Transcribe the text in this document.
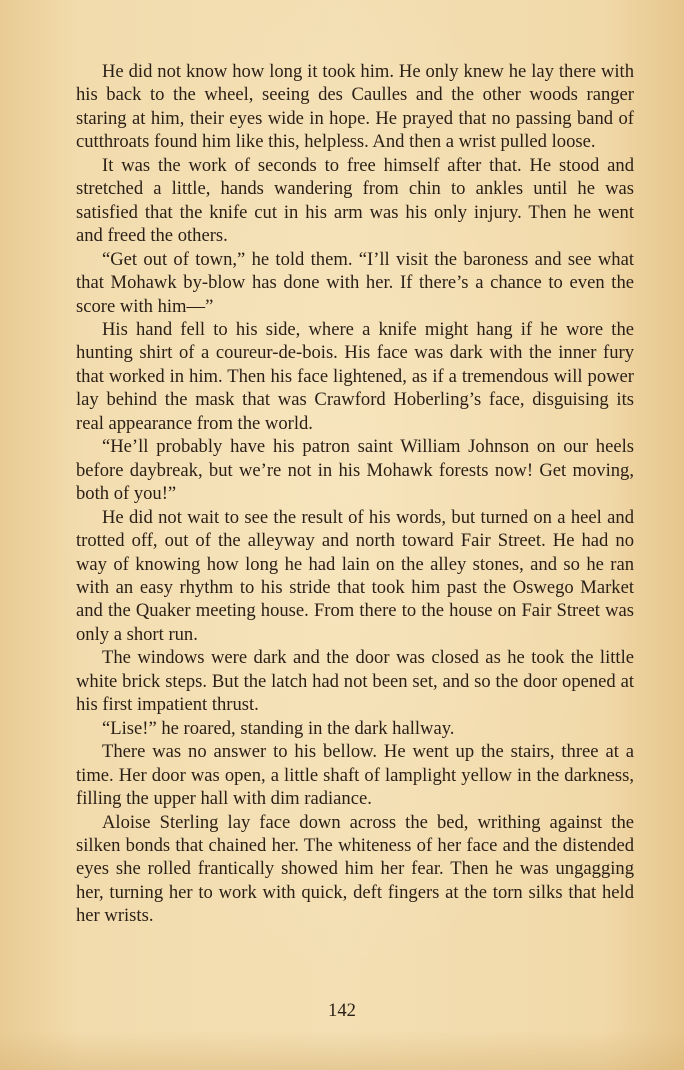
He did not know how long it took him. He only knew he lay there with his back to the wheel, seeing des Caulles and the other woods ranger staring at him, their eyes wide in hope. He prayed that no passing band of cutthroats found him like this, helpless. And then a wrist pulled loose.

It was the work of seconds to free himself after that. He stood and stretched a little, hands wandering from chin to ankles until he was satisfied that the knife cut in his arm was his only injury. Then he went and freed the others.

“Get out of town,” he told them. “I’ll visit the baroness and see what that Mohawk by-blow has done with her. If there’s a chance to even the score with him—”

His hand fell to his side, where a knife might hang if he wore the hunting shirt of a coureur-de-bois. His face was dark with the inner fury that worked in him. Then his face lightened, as if a tremendous will power lay behind the mask that was Crawford Hoberling’s face, disguising its real appearance from the world.

“He’ll probably have his patron saint William Johnson on our heels before daybreak, but we’re not in his Mohawk forests now! Get moving, both of you!”

He did not wait to see the result of his words, but turned on a heel and trotted off, out of the alleyway and north toward Fair Street. He had no way of knowing how long he had lain on the alley stones, and so he ran with an easy rhythm to his stride that took him past the Oswego Market and the Quaker meeting house. From there to the house on Fair Street was only a short run.

The windows were dark and the door was closed as he took the little white brick steps. But the latch had not been set, and so the door opened at his first impatient thrust.

“Lise!” he roared, standing in the dark hallway.

There was no answer to his bellow. He went up the stairs, three at a time. Her door was open, a little shaft of lamplight yellow in the darkness, filling the upper hall with dim radiance.

Aloise Sterling lay face down across the bed, writhing against the silken bonds that chained her. The whiteness of her face and the distended eyes she rolled frantically showed him her fear. Then he was ungagging her, turning her to work with quick, deft fingers at the torn silks that held her wrists.

142
